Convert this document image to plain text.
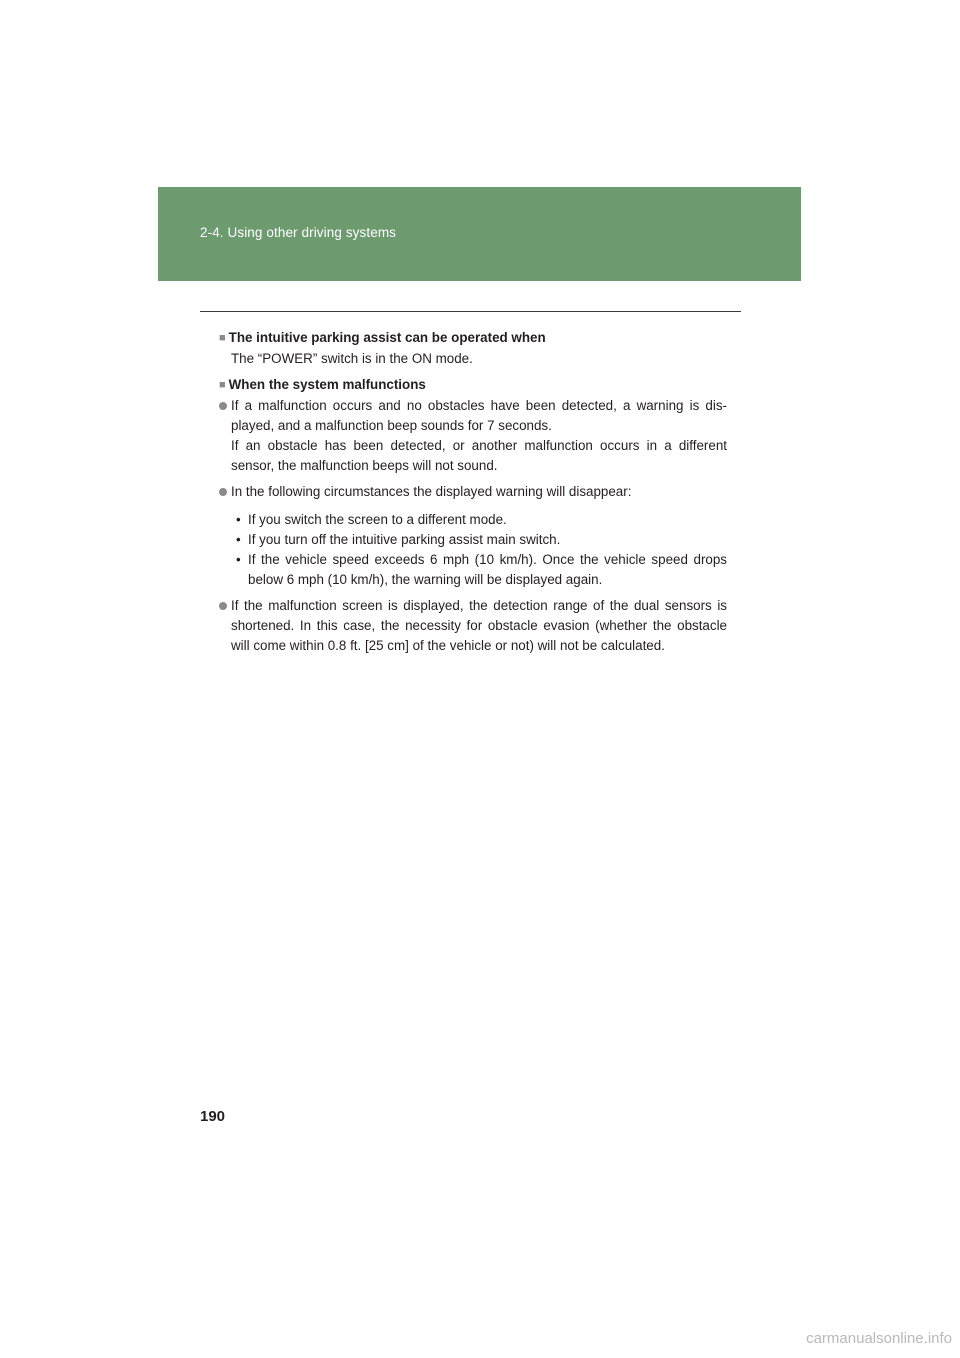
2-4. Using other driving systems

■ The intuitive parking assist can be operated when

The “POWER” switch is in the ON mode.

■ When the system malfunctions

If a malfunction occurs and no obstacles have been detected, a warning is dis-played, and a malfunction beep sounds for 7 seconds.
If an obstacle has been detected, or another malfunction occurs in a different sensor, the malfunction beeps will not sound.
In the following circumstances the displayed warning will disappear:
• If you switch the screen to a different mode.
• If you turn off the intuitive parking assist main switch.
• If the vehicle speed exceeds 6 mph (10 km/h). Once the vehicle speed drops below 6 mph (10 km/h), the warning will be displayed again.
If the malfunction screen is displayed, the detection range of the dual sensors is shortened. In this case, the necessity for obstacle evasion (whether the obstacle will come within 0.8 ft. [25 cm] of the vehicle or not) will not be calculated.
190
carmanualsonline.info
